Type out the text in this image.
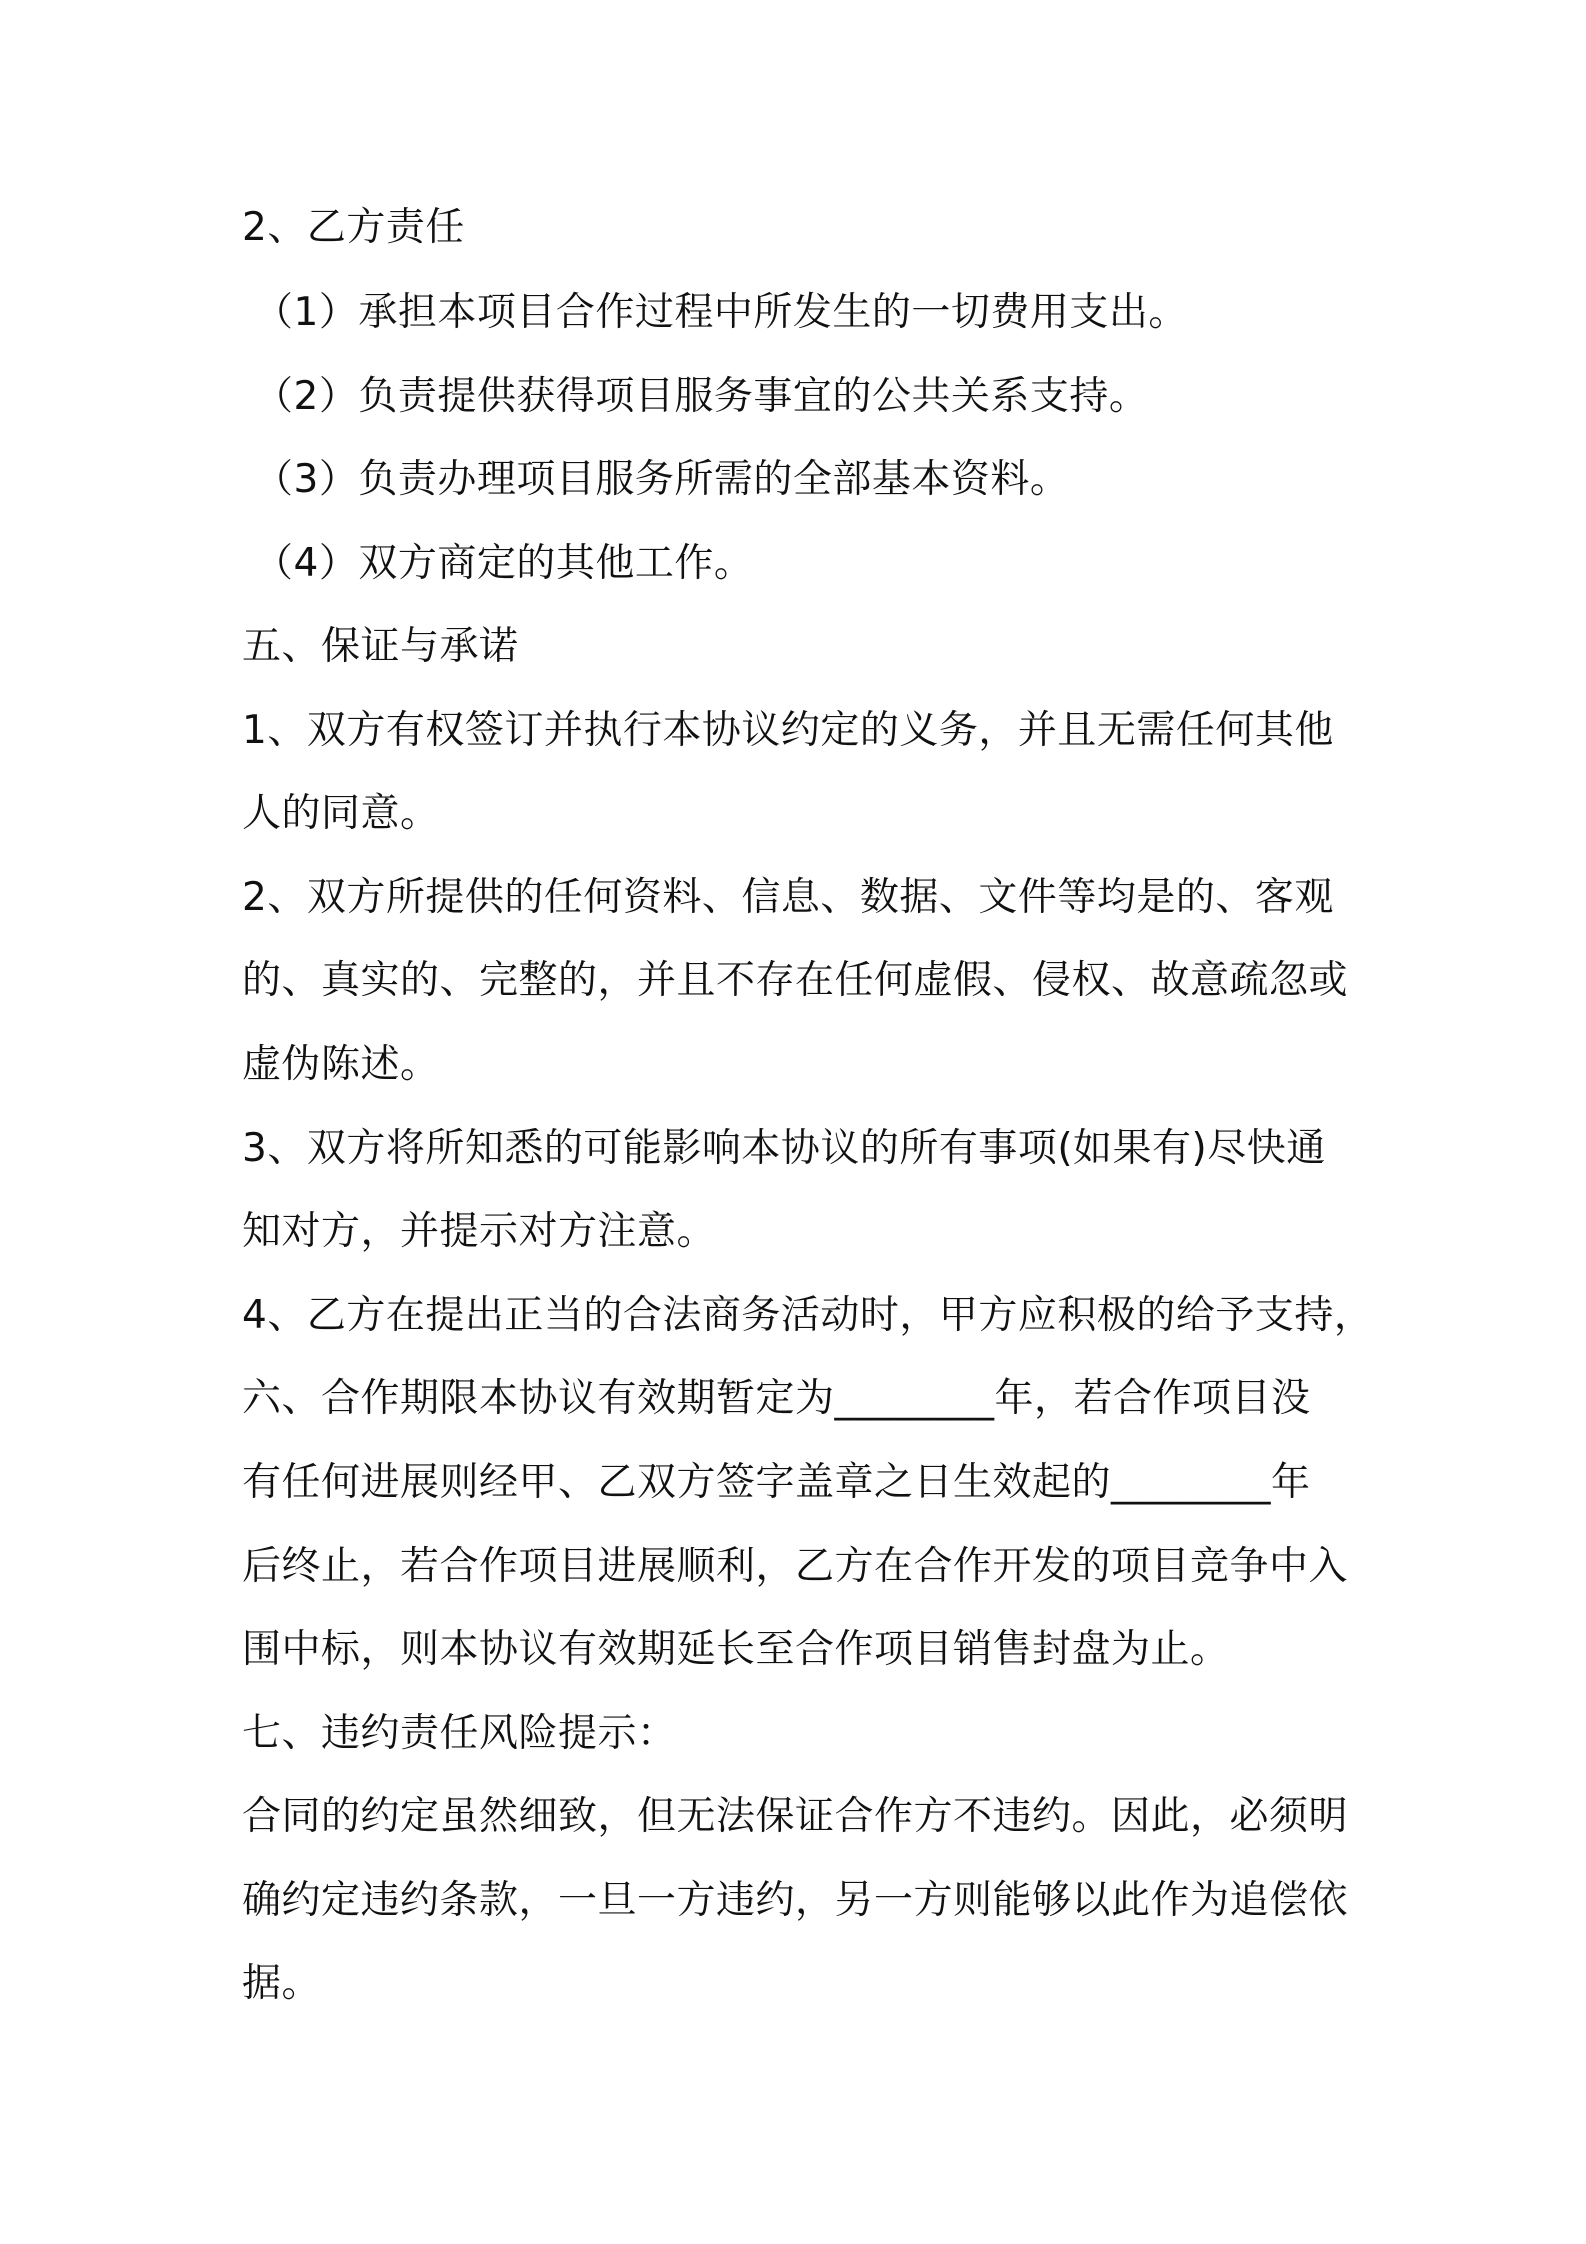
2、乙方责任
（1）承担本项目合作过程中所发生的一切费用支出。
（2）负责提供获得项目服务事宜的公共关系支持。
（3）负责办理项目服务所需的全部基本资料。
（4）双方商定的其他工作。
五、保证与承诺
1、双方有权签订并执行本协议约定的义务，并且无需任何其他
人的同意。
2、双方所提供的任何资料、信息、数据、文件等均是的、客观
的、真实的、完整的，并且不存在任何虚假、侵权、故意疏忽或
虚伪陈述。
3、双方将所知悉的可能影响本协议的所有事项(如果有)尽快通
知对方，并提示对方注意。
4、乙方在提出正当的合法商务活动时，甲方应积极的给予支持，
六、合作期限本协议有效期暂定为________年，若合作项目没
有任何进展则经甲、乙双方签字盖章之日生效起的________年
后终止，若合作项目进展顺利，乙方在合作开发的项目竞争中入
围中标，则本协议有效期延长至合作项目销售封盘为止。
七、违约责任风险提示：
合同的约定虽然细致，但无法保证合作方不违约。因此，必须明
确约定违约条款，一旦一方违约，另一方则能够以此作为追偿依
据。
